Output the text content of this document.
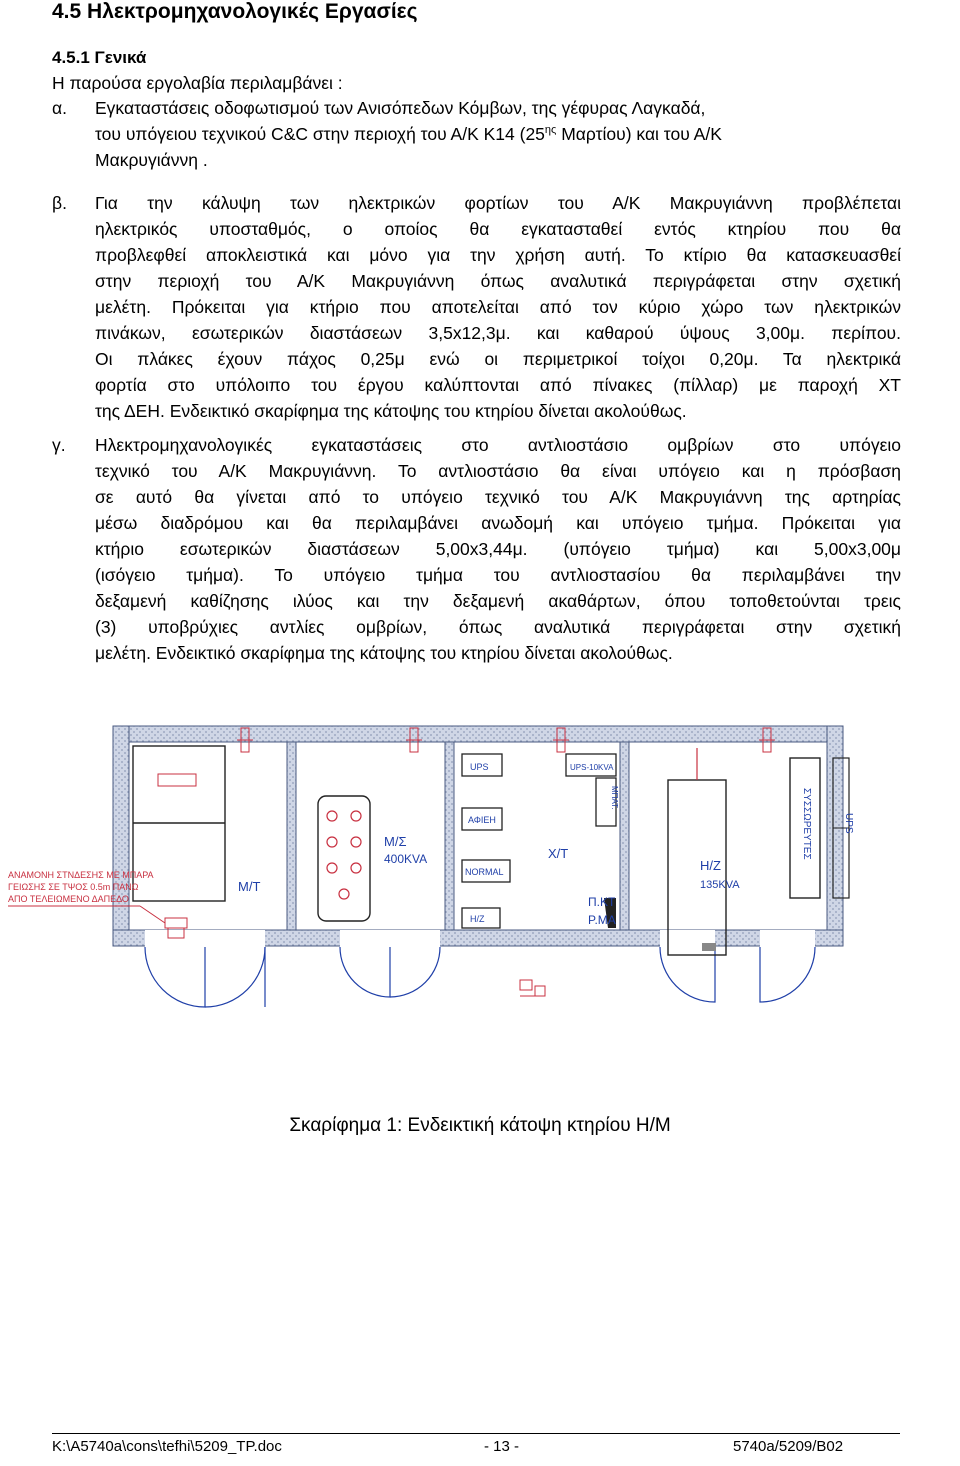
4.5 Ηλεκτρομηχανολογικές Εργασίες
4.5.1 Γενικά
Η παρούσα εργολαβία περιλαμβάνει :
α. Εγκαταστάσεις οδοφωτισμού των Ανισόπεδων Κόμβων, της γέφυρας Λαγκαδά,
του υπόγειου τεχνικού C&C στην περιοχή του Α/Κ Κ14 ($25^{\eta\varsigma}$ Μαρτίου) και του Α/Κ
Μακρυγιάννη .
β. Για την κάλυψη των ηλεκτρικών φορτίων του Α/Κ Μακρυγιάννη προβλέπεται
ηλεκτρικός υποσταθμός, ο οποίος θα εγκατασταθεί εντός κτηρίου που θα
προβλεφθεί αποκλειστικά και μόνο για την χρήση αυτή. Το κτίριο θα κατασκευασθεί
στην περιοχή του Α/Κ Μακρυγιάννη όπως αναλυτικά περιγράφεται στην σχετική
μελέτη. Πρόκειται για κτήριο που αποτελείται από τον κύριο χώρο των ηλεκτρικών
πινάκων, εσωτερικών διαστάσεων 3,5x12,3μ. και καθαρού ύψους 3,00μ. περίπου.
Οι πλάκες έχουν πάχος 0,25μ ενώ οι περιμετρικοί τοίχοι 0,20μ. Τα ηλεκτρικά
φορτία στο υπόλοιπο του έργου καλύπτονται από πίνακες (πίλλαρ) με παροχή ΧΤ
της ΔΕΗ. Ενδεικτικό σκαρίφημα της κάτοψης του κτηρίου δίνεται ακολούθως.
γ. Ηλεκτρομηχανολογικές εγκαταστάσεις στο αντλιοστάσιο ομβρίων στο υπόγειο
τεχνικό του Α/Κ Μακρυγιάννη. Το αντλιοστάσιο θα είναι υπόγειο και η πρόσβαση
σε αυτό θα γίνεται από το υπόγειο τεχνικό του Α/Κ Μακρυγιάννη της αρτηρίας
μέσω διαδρόμου και θα περιλαμβάνει ανωδομή και υπόγειο τμήμα. Πρόκειται για
κτήριο εσωτερικών διαστάσεων 5,00x3,44μ. (υπόγειο τμήμα) και 5,00x3,00μ
(ισόγειο τμήμα). Το υπόγειο τμήμα του αντλιοστασίου θα περιλαμβάνει την
δεξαμενή καθίζησης ιλύος και την δεξαμενή ακαθάρτων, όπου τοποθετούνται τρεις
(3) υποβρύχιες αντλίες ομβρίων, όπως αναλυτικά περιγράφεται στην σχετική
μελέτη. Ενδεικτικό σκαρίφημα της κάτοψης του κτηρίου δίνεται ακολούθως.
Μ/Τ
ΑΝΑΜΟΝΗ ΣΤΝΔΕΣΗΣ ΜΕ ΜΠΑΡΑ
ΓΕΙΩΣΗΣ ΣΕ ΤΨΟΣ 0.5m ΠΑΝΩ
ΑΠΟ ΤΕΛΕΙΩΜΕΝΟ ΔΑΠΕΔΟ
Μ/Σ
400KVA
UPS	UPS-10KVA
ΑΦΙΕΗ
NORMAL
Η/Ζ
Χ/Τ
ΜΠΑΤ.
Π.ΚΤ
Ρ.ΜΑ
Η/Ζ
135KVA
UPS
ΣΥΣΣΩΡΕΥΤΕΣ
Σκαρίφημα 1: Ενδεικτική κάτοψη κτηρίου Η/Μ
K:\A5740a\cons\tefhi\5209_TP.doc	- 13 -	5740a/5209/B02
